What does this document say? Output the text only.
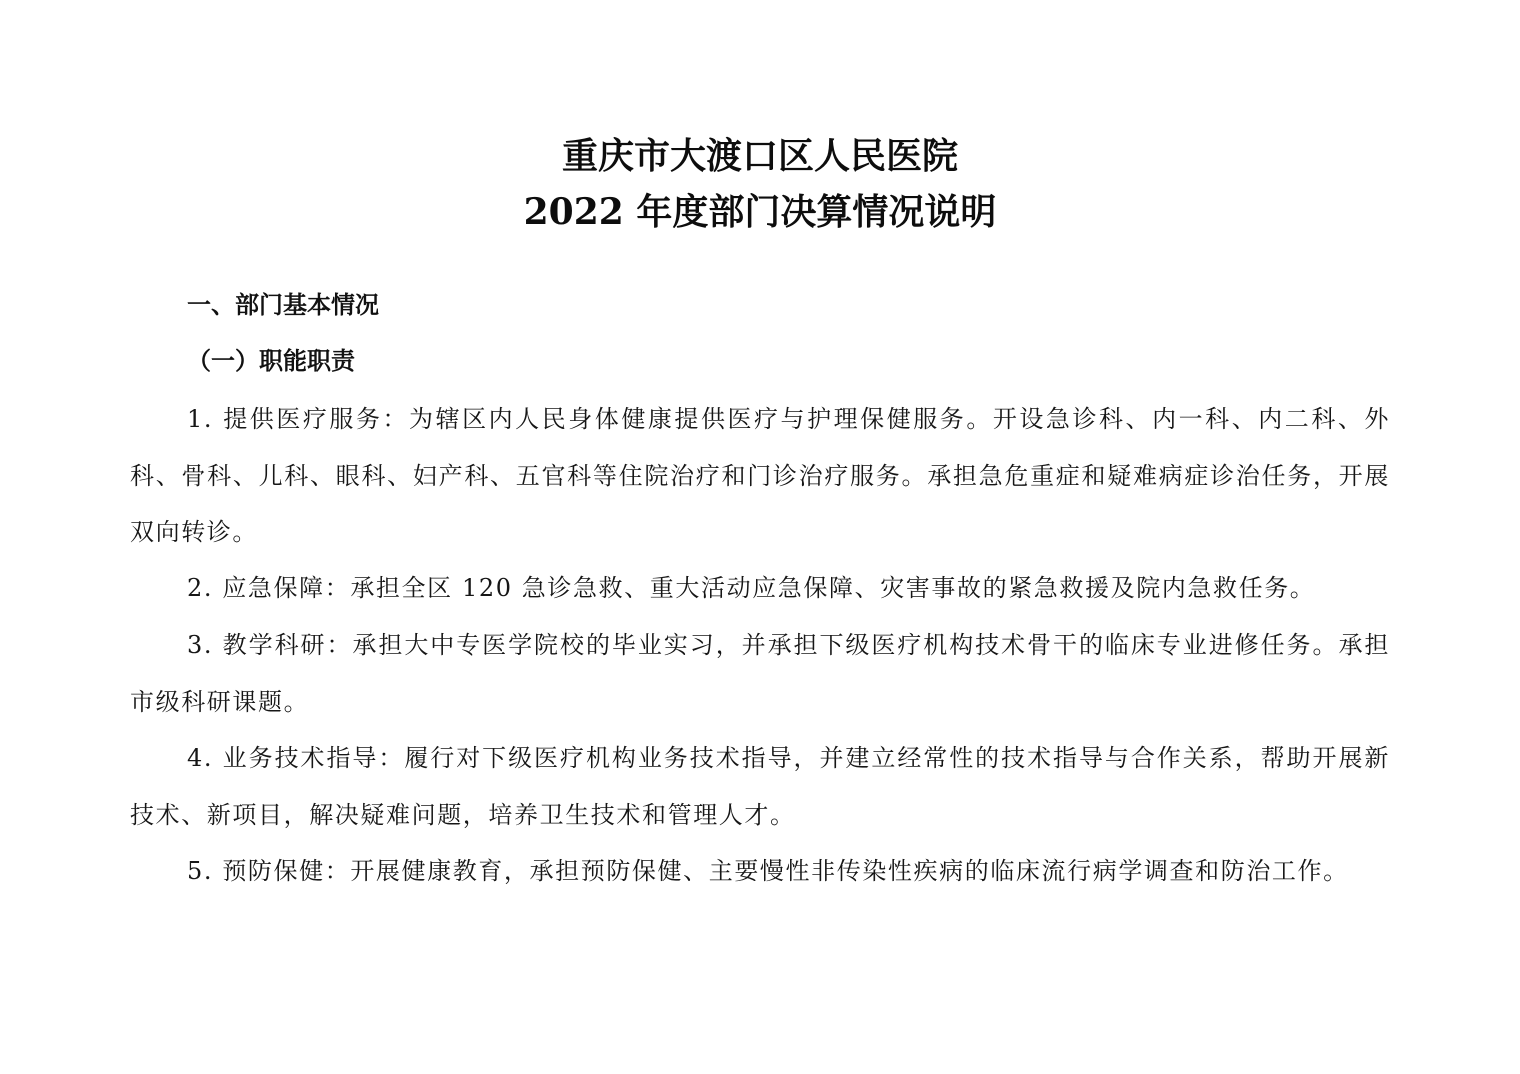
重庆市大渡口区人民医院
2022 年度部门决算情况说明
一、部门基本情况
（一）职能职责

1. 提供医疗服务：为辖区内人民身体健康提供医疗与护理保健服务。开设急诊科、内一科、内二科、外科、骨科、儿科、眼科、妇产科、五官科等住院治疗和门诊治疗服务。承担急危重症和疑难病症诊治任务，开展双向转诊。

2. 应急保障：承担全区 120 急诊急救、重大活动应急保障、灾害事故的紧急救援及院内急救任务。

3. 教学科研：承担大中专医学院校的毕业实习，并承担下级医疗机构技术骨干的临床专业进修任务。承担市级科研课题。

4. 业务技术指导：履行对下级医疗机构业务技术指导，并建立经常性的技术指导与合作关系，帮助开展新技术、新项目，解决疑难问题，培养卫生技术和管理人才。

5. 预防保健：开展健康教育，承担预防保健、主要慢性非传染性疾病的临床流行病学调查和防治工作。
